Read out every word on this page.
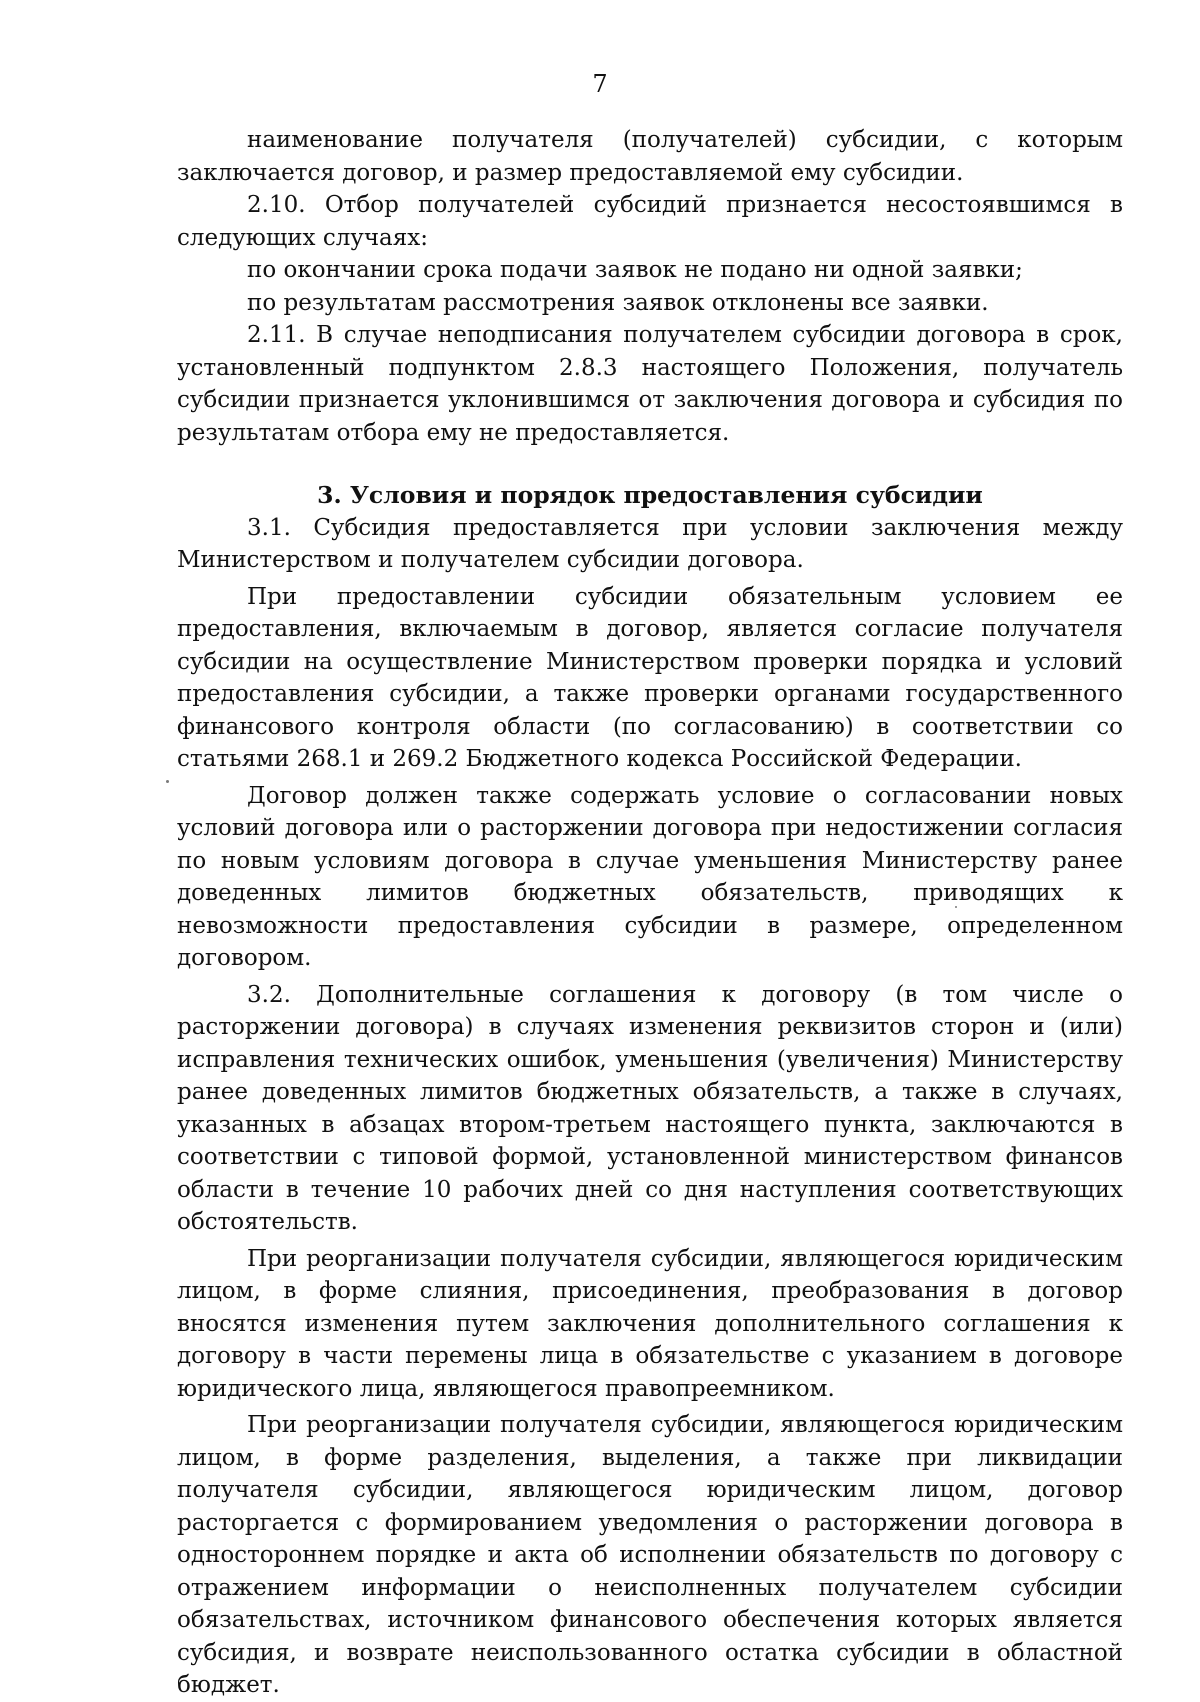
7

наименование получателя (получателей) субсидии, с которым заключается договор, и размер предоставляемой ему субсидии.

2.10. Отбор получателей субсидий признается несостоявшимся в следующих случаях:

по окончании срока подачи заявок не подано ни одной заявки;

по результатам рассмотрения заявок отклонены все заявки.

2.11. В случае неподписания получателем субсидии договора в срок, установленный подпунктом 2.8.3 настоящего Положения, получатель субсидии признается уклонившимся от заключения договора и субсидия по результатам отбора ему не предоставляется.

3. Условия и порядок предоставления субсидии

3.1. Субсидия предоставляется при условии заключения между Министерством и получателем субсидии договора.

При предоставлении субсидии обязательным условием ее предоставления, включаемым в договор, является согласие получателя субсидии на осуществление Министерством проверки порядка и условий предоставления субсидии, а также проверки органами государственного финансового контроля области (по согласованию) в соответствии со статьями 268.1 и 269.2 Бюджетного кодекса Российской Федерации.

Договор должен также содержать условие о согласовании новых условий договора или о расторжении договора при недостижении согласия по новым условиям договора в случае уменьшения Министерству ранее доведенных лимитов бюджетных обязательств, приводящих к невозможности предоставления субсидии в размере, определенном договором.

3.2. Дополнительные соглашения к договору (в том числе о расторжении договора) в случаях изменения реквизитов сторон и (или) исправления технических ошибок, уменьшения (увеличения) Министерству ранее доведенных лимитов бюджетных обязательств, а также в случаях, указанных в абзацах втором-третьем настоящего пункта, заключаются в соответствии с типовой формой, установленной министерством финансов области в течение 10 рабочих дней со дня наступления соответствующих обстоятельств.

При реорганизации получателя субсидии, являющегося юридическим лицом, в форме слияния, присоединения, преобразования в договор вносятся изменения путем заключения дополнительного соглашения к договору в части перемены лица в обязательстве с указанием в договоре юридического лица, являющегося правопреемником.

При реорганизации получателя субсидии, являющегося юридическим лицом, в форме разделения, выделения, а также при ликвидации получателя субсидии, являющегося юридическим лицом, договор расторгается с формированием уведомления о расторжении договора в одностороннем порядке и акта об исполнении обязательств по договору с отражением информации о неисполненных получателем субсидии обязательствах, источником финансового обеспечения которых является субсидия, и возврате неиспользованного остатка субсидии в областной бюджет.
